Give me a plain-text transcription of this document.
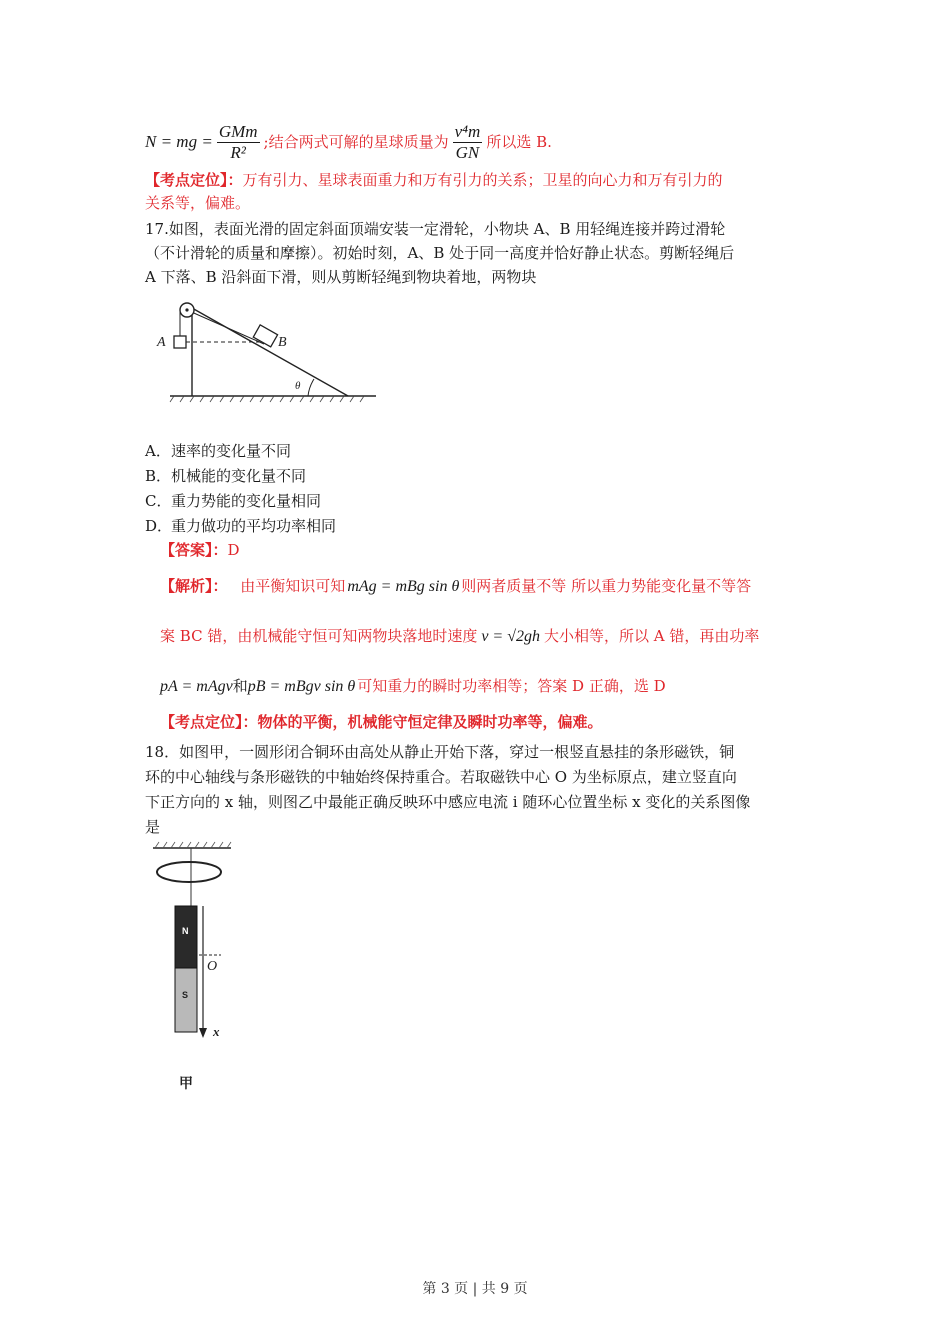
N = mg = $\frac{\text{GMm}}{\text{R²}}$ ;结合两式可解的星球质量为 $\frac{\text{v⁴m}}{GN}$ 所以选 B.
【考点定位】：万有引力、星球表面重力和万有引力的关系；卫星的向心力和万有引力的
关系等，偏难。
17.如图，表面光滑的固定斜面顶端安装一定滑轮，小物块 A、B 用轻绳连接并跨过滑轮
（不计滑轮的质量和摩擦）。初始时刻，A、B 处于同一高度并恰好静止状态。剪断轻绳后
A 下落、B 沿斜面下滑，则从剪断轻绳到物块着地，两物块
A	B
θ
A．速率的变化量不同
B．机械能的变化量不同
C．重力势能的变化量相同
D．重力做功的平均功率相同
【答案】：D
【解析】： 由平衡知识可知 mAg = mBg sin θ 则两者质量不等 所以重力势能变化量不等答
案 BC 错，由机械能守恒可知两物块落地时速度 v = √2gh 大小相等，所以 A 错，再由功率
pA = mAgv和pB = mBgv sin θ 可知重力的瞬时功率相等；答案 D 正确，选 D
【考点定位】：物体的平衡，机械能守恒定律及瞬时功率等，偏难。
18．如图甲，一圆形闭合铜环由高处从静止开始下落，穿过一根竖直悬挂的条形磁铁，铜
环的中心轴线与条形磁铁的中轴始终保持重合。若取磁铁中心 O 为坐标原点，建立竖直向
下正方向的 x 轴，则图乙中最能正确反映环中感应电流 i 随环心位置坐标 x 变化的关系图像
是
N
S
O
x
甲
第 3 页 | 共 9 页
